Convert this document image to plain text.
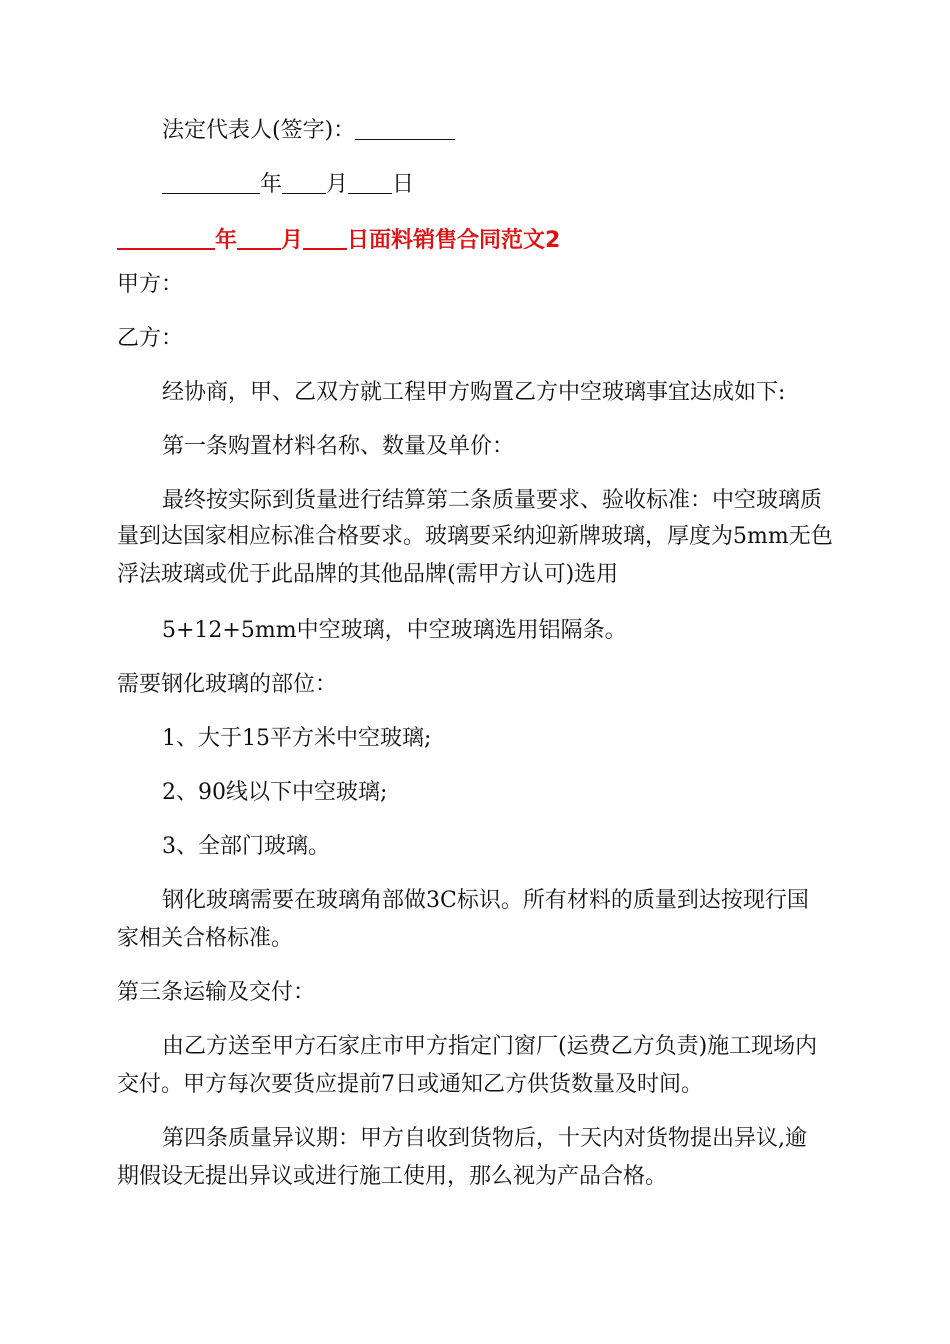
法定代表人(签字)：
年 月 日
年 月 日面料销售合同范文2
甲方：
乙方：
经协商，甲、乙双方就工程甲方购置乙方中空玻璃事宜达成如下:
第一条购置材料名称、数量及单价：
最终按实际到货量进行结算第二条质量要求、验收标准：中空玻璃质
量到达国家相应标准合格要求。玻璃要采纳迎新牌玻璃，厚度为5mm无色
浮法玻璃或优于此品牌的其他品牌(需甲方认可)选用
5+12+5mm中空玻璃，中空玻璃选用铝隔条。
需要钢化玻璃的部位：
1、大于15平方米中空玻璃;
2、90线以下中空玻璃;
3、全部门玻璃。
钢化玻璃需要在玻璃角部做3C标识。所有材料的质量到达按现行国
家相关合格标准。
第三条运输及交付：
由乙方送至甲方石家庄市甲方指定门窗厂(运费乙方负责)施工现场内
交付。甲方每次要货应提前7日或通知乙方供货数量及时间。
第四条质量异议期：甲方自收到货物后，十天内对货物提出异议,逾
期假设无提出异议或进行施工使用，那么视为产品合格。
